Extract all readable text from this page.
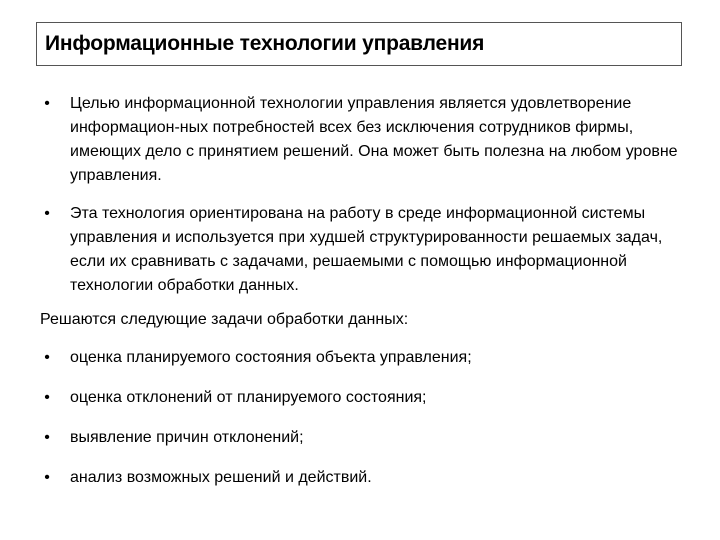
Информационные технологии управления
• Целью информационной технологии управления является удовлетворение информацион-ных потребностей всех без исключения сотрудников фирмы, имеющих дело с принятием решений. Она может быть полезна на любом уровне управления.
• Эта технология ориентирована на работу в среде информационной системы управления и используется при худшей структурированности решаемых задач, если их сравнивать с задачами, решаемыми с помощью информационной технологии обработки данных.
Решаются следующие задачи обработки данных:
• оценка планируемого состояния объекта управления;
• оценка отклонений от планируемого состояния;
• выявление причин отклонений;
• анализ возможных решений и действий.
